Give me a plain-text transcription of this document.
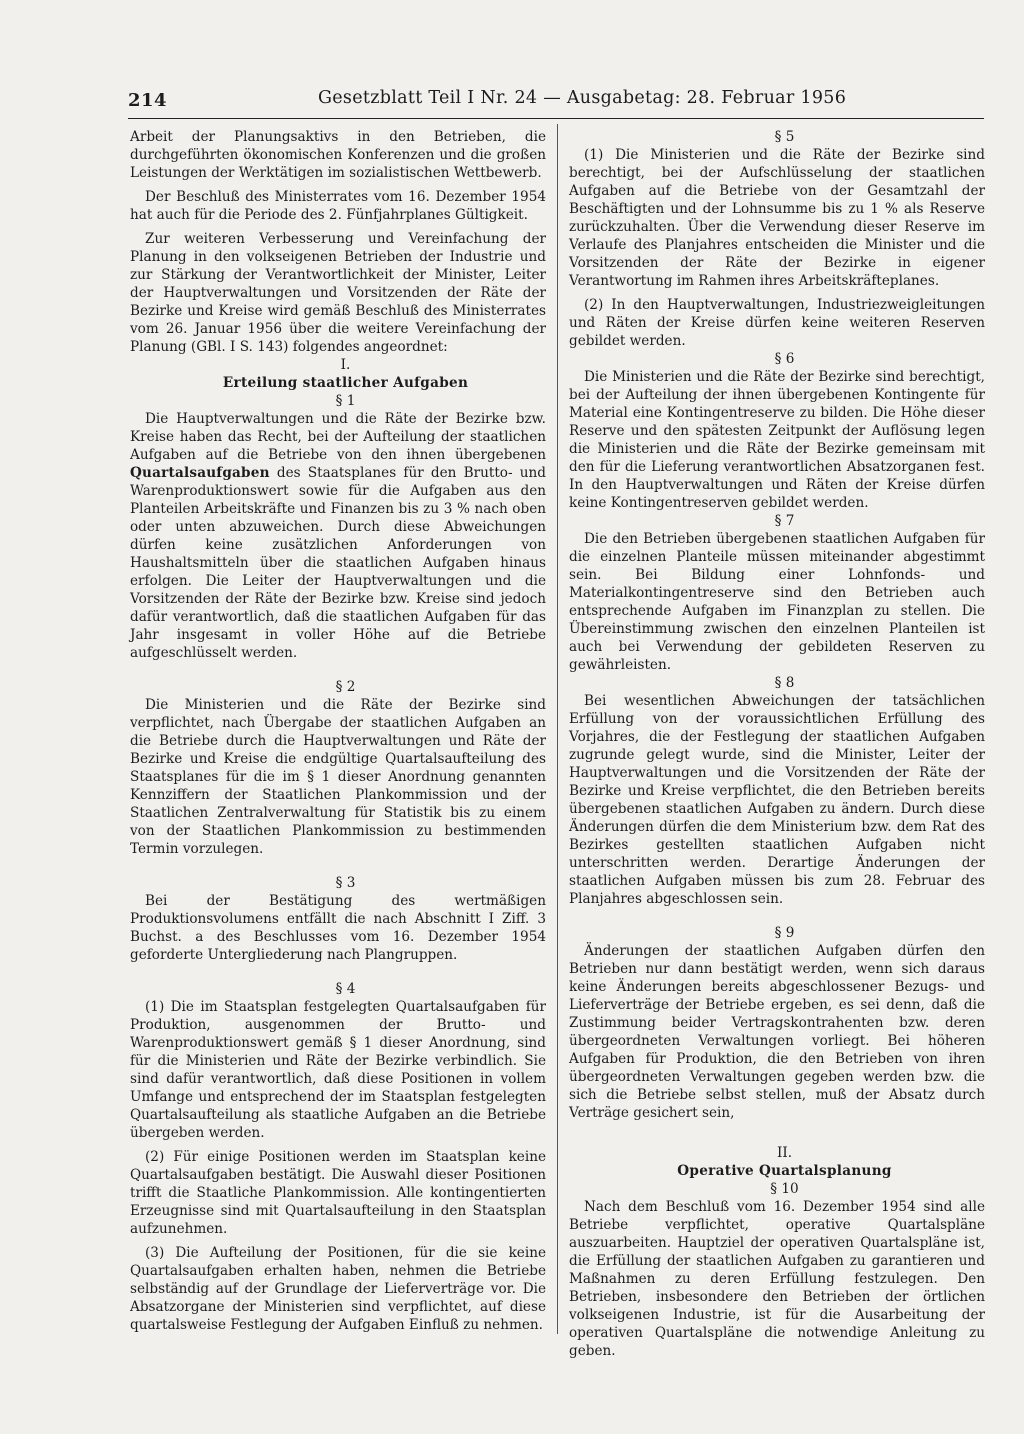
214	Gesetzblatt Teil I Nr. 24 — Ausgabetag: 28. Februar 1956

Arbeit der Planungsaktivs in den Betrieben, die durchgeführten ökonomischen Konferenzen und die großen Leistungen der Werktätigen im sozialistischen Wettbewerb.

Der Beschluß des Ministerrates vom 16. Dezember 1954 hat auch für die Periode des 2. Fünfjahrplanes Gültigkeit.

Zur weiteren Verbesserung und Vereinfachung der Planung in den volkseigenen Betrieben der Industrie und zur Stärkung der Verantwortlichkeit der Minister, Leiter der Hauptverwaltungen und Vorsitzenden der Räte der Bezirke und Kreise wird gemäß Beschluß des Ministerrates vom 26. Januar 1956 über die weitere Vereinfachung der Planung (GBl. I S. 143) folgendes angeordnet:

I.

Erteilung staatlicher Aufgaben

§ 1

Die Hauptverwaltungen und die Räte der Bezirke bzw. Kreise haben das Recht, bei der Aufteilung der staatlichen Aufgaben auf die Betriebe von den ihnen übergebenen Quartalsaufgaben des Staatsplanes für den Brutto- und Warenproduktionswert sowie für die Aufgaben aus den Planteilen Arbeitskräfte und Finanzen bis zu 3 % nach oben oder unten abzuweichen. Durch diese Abweichungen dürfen keine zusätzlichen Anforderungen von Haushaltsmitteln über die staatlichen Aufgaben hinaus erfolgen. Die Leiter der Hauptverwaltungen und die Vorsitzenden der Räte der Bezirke bzw. Kreise sind jedoch dafür verantwortlich, daß die staatlichen Aufgaben für das Jahr insgesamt in voller Höhe auf die Betriebe aufgeschlüsselt werden.

§ 2

Die Ministerien und die Räte der Bezirke sind verpflichtet, nach Übergabe der staatlichen Aufgaben an die Betriebe durch die Hauptverwaltungen und Räte der Bezirke und Kreise die endgültige Quartalsaufteilung des Staatsplanes für die im § 1 dieser Anordnung genannten Kennziffern der Staatlichen Plankommission und der Staatlichen Zentralverwaltung für Statistik bis zu einem von der Staatlichen Plankommission zu bestimmenden Termin vorzulegen.

§ 3

Bei der Bestätigung des wertmäßigen Produktionsvolumens entfällt die nach Abschnitt I Ziff. 3 Buchst. a des Beschlusses vom 16. Dezember 1954 geforderte Untergliederung nach Plangruppen.

§ 4

(1) Die im Staatsplan festgelegten Quartalsaufgaben für Produktion, ausgenommen der Brutto- und Warenproduktionswert gemäß § 1 dieser Anordnung, sind für die Ministerien und Räte der Bezirke verbindlich. Sie sind dafür verantwortlich, daß diese Positionen in vollem Umfange und entsprechend der im Staatsplan festgelegten Quartalsaufteilung als staatliche Aufgaben an die Betriebe übergeben werden.

(2) Für einige Positionen werden im Staatsplan keine Quartalsaufgaben bestätigt. Die Auswahl dieser Positionen trifft die Staatliche Plankommission. Alle kontingentierten Erzeugnisse sind mit Quartalsaufteilung in den Staatsplan aufzunehmen.

(3) Die Aufteilung der Positionen, für die sie keine Quartalsaufgaben erhalten haben, nehmen die Betriebe selbständig auf der Grundlage der Lieferverträge vor. Die Absatzorgane der Ministerien sind verpflichtet, auf diese quartalsweise Festlegung der Aufgaben Einfluß zu nehmen.

§ 5

(1) Die Ministerien und die Räte der Bezirke sind berechtigt, bei der Aufschlüsselung der staatlichen Aufgaben auf die Betriebe von der Gesamtzahl der Beschäftigten und der Lohnsumme bis zu 1 % als Reserve zurückzuhalten. Über die Verwendung dieser Reserve im Verlaufe des Planjahres entscheiden die Minister und die Vorsitzenden der Räte der Bezirke in eigener Verantwortung im Rahmen ihres Arbeitskräfteplanes.

(2) In den Hauptverwaltungen, Industriezweigleitungen und Räten der Kreise dürfen keine weiteren Reserven gebildet werden.

§ 6

Die Ministerien und die Räte der Bezirke sind berechtigt, bei der Aufteilung der ihnen übergebenen Kontingente für Material eine Kontingentreserve zu bilden. Die Höhe dieser Reserve und den spätesten Zeitpunkt der Auflösung legen die Ministerien und die Räte der Bezirke gemeinsam mit den für die Lieferung verantwortlichen Absatzorganen fest. In den Hauptverwaltungen und Räten der Kreise dürfen keine Kontingentreserven gebildet werden.

§ 7

Die den Betrieben übergebenen staatlichen Aufgaben für die einzelnen Planteile müssen miteinander abgestimmt sein. Bei Bildung einer Lohnfonds- und Materialkontingentreserve sind den Betrieben auch entsprechende Aufgaben im Finanzplan zu stellen. Die Übereinstimmung zwischen den einzelnen Planteilen ist auch bei Verwendung der gebildeten Reserven zu gewährleisten.

§ 8

Bei wesentlichen Abweichungen der tatsächlichen Erfüllung von der voraussichtlichen Erfüllung des Vorjahres, die der Festlegung der staatlichen Aufgaben zugrunde gelegt wurde, sind die Minister, Leiter der Hauptverwaltungen und die Vorsitzenden der Räte der Bezirke und Kreise verpflichtet, die den Betrieben bereits übergebenen staatlichen Aufgaben zu ändern. Durch diese Änderungen dürfen die dem Ministerium bzw. dem Rat des Bezirkes gestellten staatlichen Aufgaben nicht unterschritten werden. Derartige Änderungen der staatlichen Aufgaben müssen bis zum 28. Februar des Planjahres abgeschlossen sein.

§ 9

Änderungen der staatlichen Aufgaben dürfen den Betrieben nur dann bestätigt werden, wenn sich daraus keine Änderungen bereits abgeschlossener Bezugs- und Lieferverträge der Betriebe ergeben, es sei denn, daß die Zustimmung beider Vertragskontrahenten bzw. deren übergeordneten Verwaltungen vorliegt. Bei höheren Aufgaben für Produktion, die den Betrieben von ihren übergeordneten Verwaltungen gegeben werden bzw. die sich die Betriebe selbst stellen, muß der Absatz durch Verträge gesichert sein,

II.

Operative Quartalsplanung

§ 10

Nach dem Beschluß vom 16. Dezember 1954 sind alle Betriebe verpflichtet, operative Quartalspläne auszuarbeiten. Hauptziel der operativen Quartalspläne ist, die Erfüllung der staatlichen Aufgaben zu garantieren und Maßnahmen zu deren Erfüllung festzulegen. Den Betrieben, insbesondere den Betrieben der örtlichen volkseigenen Industrie, ist für die Ausarbeitung der operativen Quartalspläne die notwendige Anleitung zu geben.
